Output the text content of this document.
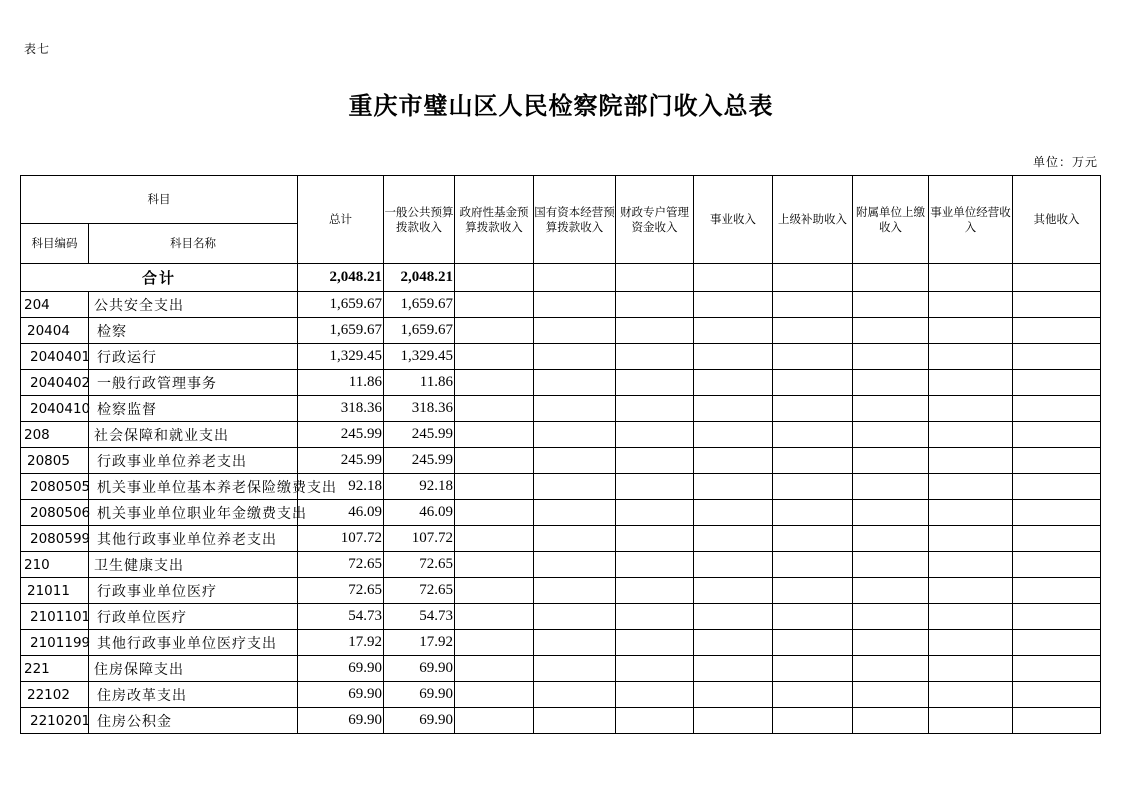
表七
重庆市璧山区人民检察院部门收入总表
单位：万元
科目		总计	一般公共预算拨款收入	政府性基金预算拨款收入	国有资本经营预算拨款收入	财政专户管理资金收入	事业收入	上级补助收入	附属单位上缴收入	事业单位经营收入	其他收入
科目编码	科目名称										
合计		2,048.21	2,048.21								
204	公共安全支出	1,659.67	1,659.67								
20404	检察	1,659.67	1,659.67								
2040401	行政运行	1,329.45	1,329.45								
2040402	一般行政管理事务	11.86	11.86								
2040410	检察监督	318.36	318.36								
208	社会保障和就业支出	245.99	245.99								
20805	行政事业单位养老支出	245.99	245.99								
2080505	机关事业单位基本养老保险缴费支出	92.18	92.18								
2080506	机关事业单位职业年金缴费支出	46.09	46.09								
2080599	其他行政事业单位养老支出	107.72	107.72								
210	卫生健康支出	72.65	72.65								
21011	行政事业单位医疗	72.65	72.65								
2101101	行政单位医疗	54.73	54.73								
2101199	其他行政事业单位医疗支出	17.92	17.92								
221	住房保障支出	69.90	69.90								
22102	住房改革支出	69.90	69.90								
2210201	住房公积金	69.90	69.90								
